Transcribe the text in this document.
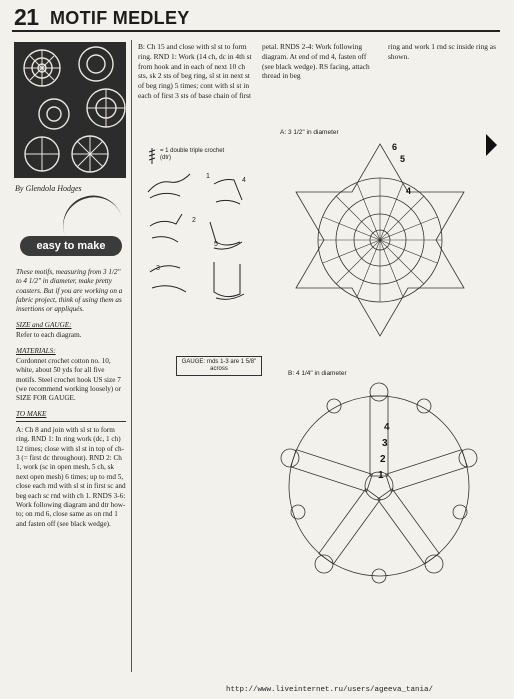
21 MOTIF MEDLEY
By Glendola Hodges
easy to make

These motifs, measuring from 3 1/2" to 4 1/2" in diameter, make pretty coasters. But if you are working on a fabric project, think of using them as insertions or appliqués.

SIZE and GAUGE:

Refer to each diagram.

MATERIALS:

Cordonnet crochet cotton no. 10, white, about 50 yds for all five motifs. Steel crochet hook US size 7 (we recommend working loosely) or SIZE FOR GAUGE.

TO MAKE

A: Ch 8 and join with sl st to form ring. RND 1: In ring work (dc, 1 ch) 12 times; close with sl st in top of ch-3 (= first dc throughout). RND 2: Ch 1, work (sc in open mesh, 5 ch, sk next open mesh) 6 times; up to rnd 5, close each rnd with sl st in first sc and beg each sc rnd with ch 1. RNDS 3-6: Work following diagram and dtr how-to; on rnd 6, close same as on rnd 1 and fasten off (see black wedge).

B: Ch 15 and close with sl st to form ring. RND 1: Work (14 ch, dc in 4th st from hook and in each of next 10 ch sts, sk 2 sts of beg ring, sl st in next st of beg ring) 5 times; cont with sl st in each of first 3 sts of base chain of first
petal. RNDS 2-4: Work following diagram. At end of rnd 4, fasten off (see black wedge). RS facing, attach thread in beg
ring and work 1 rnd sc inside ring as shown.
1
2
3
4
5
= 1 double triple crochet (dtr)
A: 3 1/2" in diameter
6
5
4
GAUGE: rnds 1-3 are 1 5/8" across
B: 4 1/4" in diameter
4
3
2
1
http://www.liveinternet.ru/users/ageeva_tania/
